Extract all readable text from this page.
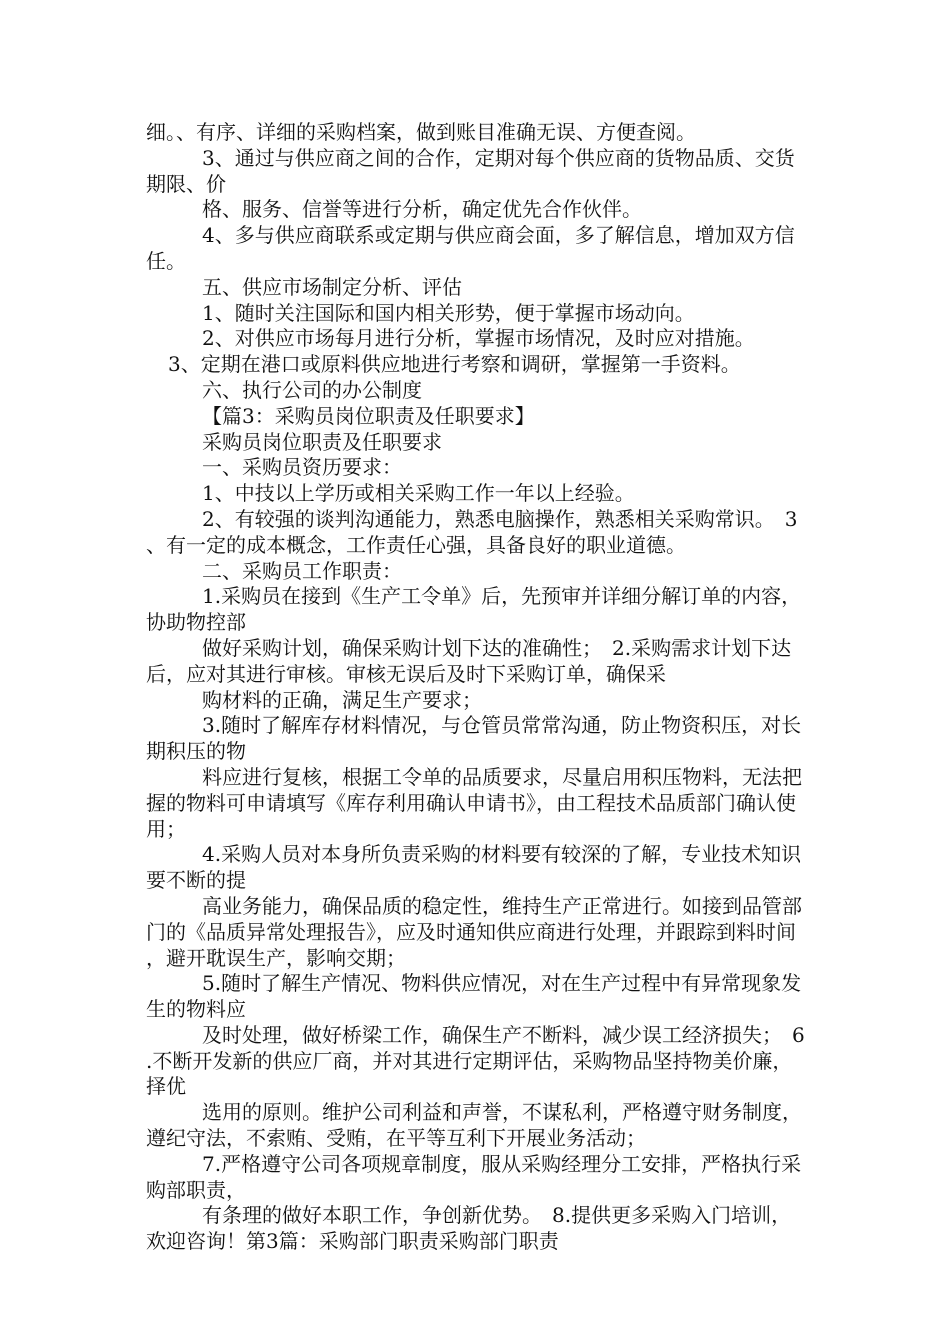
细。、有序、详细的采购档案，做到账目准确无误、方便查阅。

3、通过与供应商之间的合作，定期对每个供应商的货物品质、交货期限、价

格、服务、信誉等进行分析，确定优先合作伙伴。

4、多与供应商联系或定期与供应商会面，多了解信息，增加双方信任。

五、供应市场制定分析、评估

1、随时关注国际和国内相关形势，便于掌握市场动向。

2、对供应市场每月进行分析，掌握市场情况，及时应对措施。

3、定期在港口或原料供应地进行考察和调研，掌握第一手资料。

六、执行公司的办公制度

【篇3：采购员岗位职责及任职要求】

采购员岗位职责及任职要求

一、采购员资历要求：

1、中技以上学历或相关采购工作一年以上经验。

2、有较强的谈判沟通能力，熟悉电脑操作，熟悉相关采购常识。　3、有一定的成本概念，工作责任心强，具备良好的职业道德。

二、采购员工作职责：

1.采购员在接到《生产工令单》后，先预审并详细分解订单的内容，协助物控部

做好采购计划，确保采购计划下达的准确性；　2.采购需求计划下达后，应对其进行审核。审核无误后及时下采购订单，确保采

购材料的正确，满足生产要求；

3.随时了解库存材料情况，与仓管员常常沟通，防止物资积压，对长期积压的物

料应进行复核，根据工令单的品质要求，尽量启用积压物料，无法把握的物料可申请填写《库存利用确认申请书》，由工程技术品质部门确认使用；

4.采购人员对本身所负责采购的材料要有较深的了解，专业技术知识要不断的提

高业务能力，确保品质的稳定性，维持生产正常进行。如接到品管部门的《品质异常处理报告》，应及时通知供应商进行处理，并跟踪到料时间，避开耽误生产，影响交期；

5.随时了解生产情况、物料供应情况，对在生产过程中有异常现象发生的物料应

及时处理，做好桥梁工作，确保生产不断料，减少误工经济损失；　6.不断开发新的供应厂商，并对其进行定期评估，采购物品坚持物美价廉，择优

选用的原则。维护公司利益和声誉，不谋私利，严格遵守财务制度，遵纪守法，不索贿、受贿，在平等互利下开展业务活动；

7.严格遵守公司各项规章制度，服从采购经理分工安排，严格执行采购部职责，

有条理的做好本职工作，争创新优势。　8.提供更多采购入门培训，欢迎咨询！第3篇：采购部门职责采购部门职责
